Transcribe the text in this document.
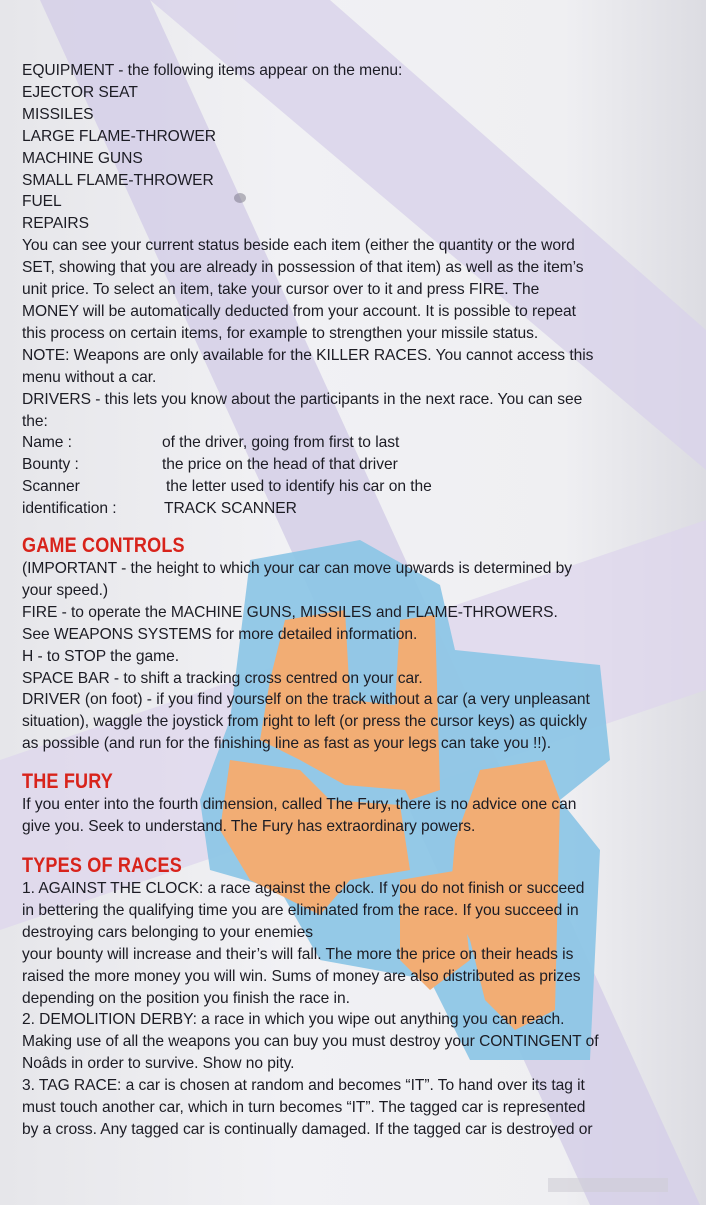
EQUIPMENT - the following items appear on the menu:
EJECTOR SEAT
MISSILES
LARGE FLAME-THROWER
MACHINE GUNS
SMALL FLAME-THROWER
FUEL
REPAIRS
You can see your current status beside each item (either the quantity or the word
SET, showing that you are already in possession of that item) as well as the item’s
unit price. To select an item, take your cursor over to it and press FIRE. The
MONEY will be automatically deducted from your account. It is possible to repeat
this process on certain items, for example to strengthen your missile status.
NOTE: Weapons are only available for the KILLER RACES. You cannot access this
menu without a car.
DRIVERS - this lets you know about the participants in the next race. You can see
the:
Name :	of the driver, going from first to last
Bounty :	the price on the head of that driver
Scanner	the letter used to identify his car on the
identification :	TRACK SCANNER
GAME CONTROLS
(IMPORTANT - the height to which your car can move upwards is determined by
your speed.)
FIRE - to operate the MACHINE GUNS, MISSILES and FLAME-THROWERS.
See WEAPONS SYSTEMS for more detailed information.
H - to STOP the game.
SPACE BAR - to shift a tracking cross centred on your car.
DRIVER (on foot) - if you find yourself on the track without a car (a very unpleasant
situation), waggle the joystick from right to left (or press the cursor keys) as quickly
as possible (and run for the finishing line as fast as your legs can take you !!).
THE FURY
If you enter into the fourth dimension, called The Fury, there is no advice one can
give you. Seek to understand. The Fury has extraordinary powers.
TYPES OF RACES
1. AGAINST THE CLOCK: a race against the clock. If you do not finish or succeed
in bettering the qualifying time you are eliminated from the race. If you succeed in
destroying cars belonging to your enemies
your bounty will increase and their’s will fall. The more the price on their heads is
raised the more money you will win. Sums of money are also distributed as prizes
depending on the position you finish the race in.
2. DEMOLITION DERBY: a race in which you wipe out anything you can reach.
Making use of all the weapons you can buy you must destroy your CONTINGENT of
Noâds in order to survive. Show no pity.
3. TAG RACE: a car is chosen at random and becomes “IT”. To hand over its tag it
must touch another car, which in turn becomes “IT”. The tagged car is represented
by a cross. Any tagged car is continually damaged. If the tagged car is destroyed or
